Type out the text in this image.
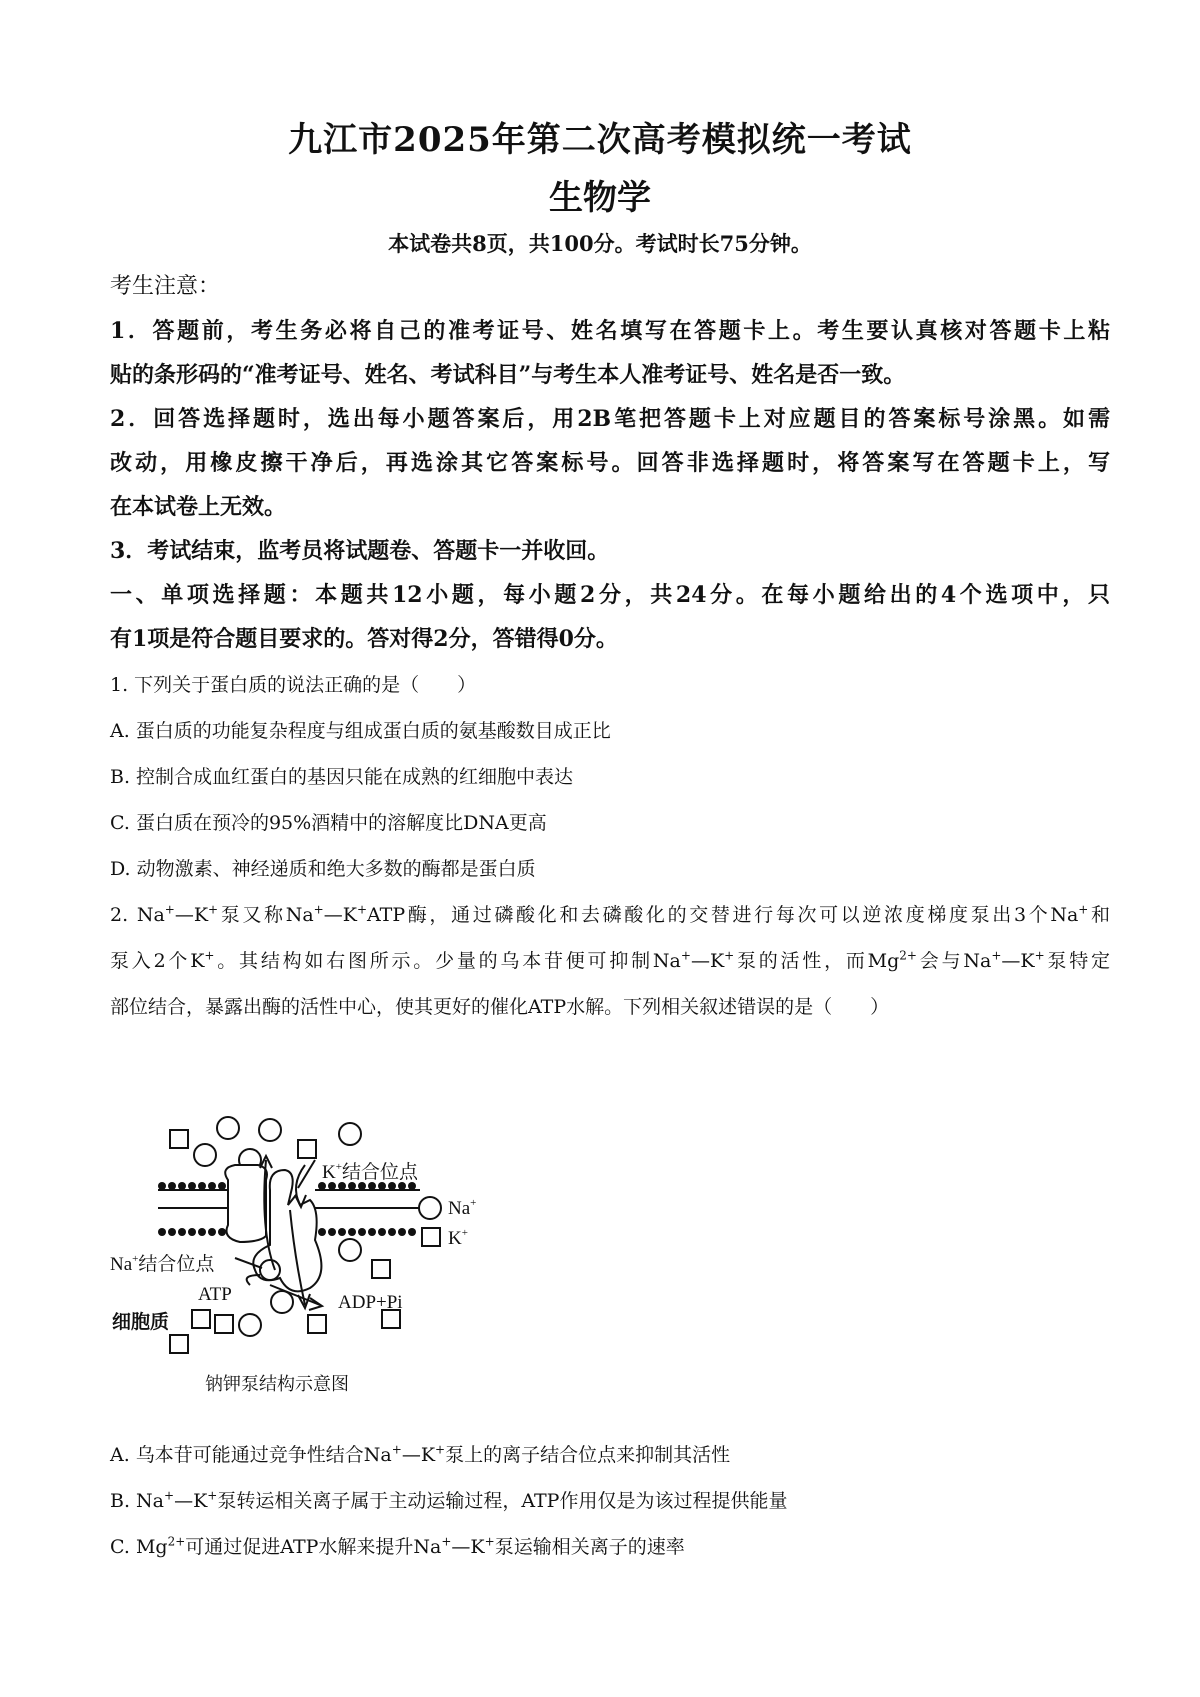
九江市2025年第二次高考模拟统一考试
生物学
本试卷共8页，共100分。考试时长75分钟。
考生注意：
1．答题前，考生务必将自己的准考证号、姓名填写在答题卡上。考生要认真核对答题卡上粘
贴的条形码的“准考证号、姓名、考试科目”与考生本人准考证号、姓名是否一致。
2．回答选择题时，选出每小题答案后，用2B笔把答题卡上对应题目的答案标号涂黑。如需
改动，用橡皮擦干净后，再选涂其它答案标号。回答非选择题时，将答案写在答题卡上，写
在本试卷上无效。
3．考试结束，监考员将试题卷、答题卡一并收回。
一、单项选择题：本题共12小题，每小题2分，共24分。在每小题给出的4个选项中，只
有1项是符合题目要求的。答对得2分，答错得0分。
1. 下列关于蛋白质的说法正确的是（　　）
A. 蛋白质的功能复杂程度与组成蛋白质的氨基酸数目成正比
B. 控制合成血红蛋白的基因只能在成熟的红细胞中表达
C. 蛋白质在预冷的95%酒精中的溶解度比DNA更高
D. 动物激素、神经递质和绝大多数的酶都是蛋白质
2. Na+—K+泵又称Na+—K+ATP酶，通过磷酸化和去磷酸化的交替进行每次可以逆浓度梯度泵出3个Na+和
泵入2个K+。其结构如右图所示。少量的乌本苷便可抑制Na+—K+泵的活性，而$Mg^{2+}$会与Na+—K+泵特定
部位结合，暴露出酶的活性中心，使其更好的催化ATP水解。下列相关叙述错误的是（　　）
K+结合位点
Na+结合位点
ATP	ADP+Pi
细胞质
Na+
K+
钠钾泵结构示意图
A. 乌本苷可能通过竞争性结合Na+—K+泵上的离子结合位点来抑制其活性
B. Na+—K+泵转运相关离子属于主动运输过程，ATP作用仅是为该过程提供能量
C. $Mg^{2+}$可通过促进ATP水解来提升Na+—K+泵运输相关离子的速率
